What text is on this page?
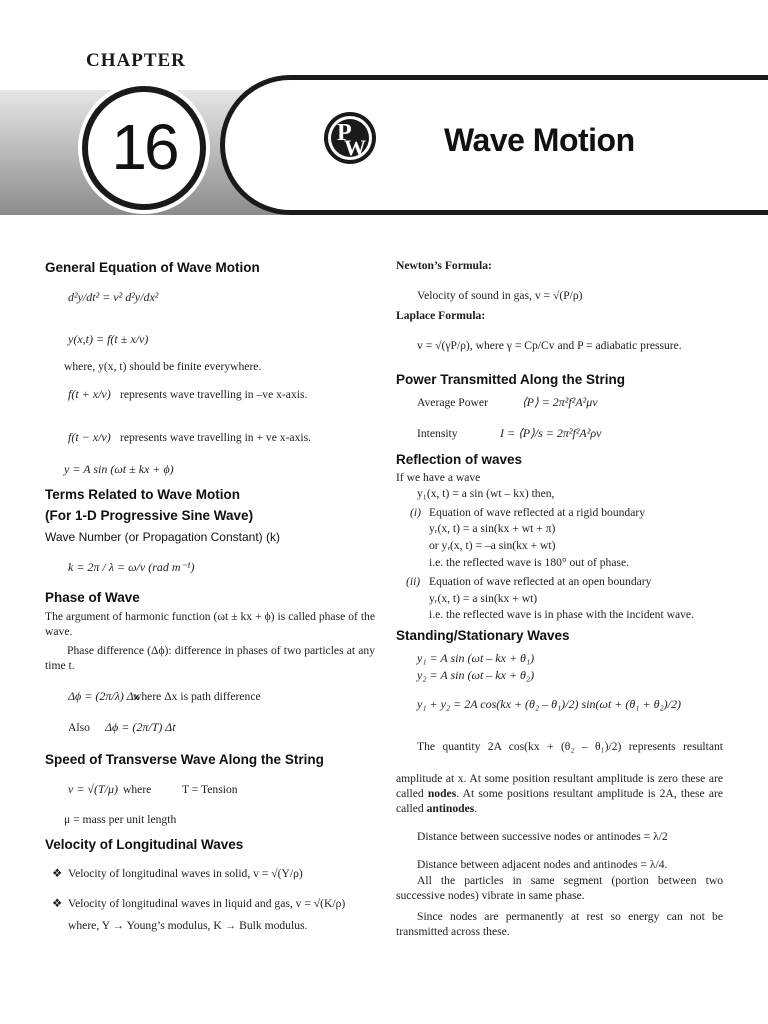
CHAPTER
16	P
W Wave Motion
General Equation of Wave Motion
d²y/dt² = v² d²y/dx²
y(x,t) = f(t ± x/v)
where, y(x, t) should be finite everywhere.
f(t + x/v) represents wave travelling in –ve x-axis.
f(t − x/v) represents wave travelling in + ve x-axis.
y = A sin (ωt ± kx + ϕ)
Terms Related to Wave Motion
(For 1-D Progressive Sine Wave)
Wave Number (or Propagation Constant) (k)
k = 2π / λ = ω/v (rad m⁻¹)
Phase of Wave
The argument of harmonic function (ωt ± kx + ϕ) is called phase of the wave.
Phase difference (Δϕ): difference in phases of two particles at any time t.
Δϕ = (2π/λ) Δx
where Δx is path difference
Also Δϕ = (2π/T) Δt
Speed of Transverse Wave Along the String
v = √(T/μ) where	T = Tension
μ = mass per unit length
Velocity of Longitudinal Waves
❖ Velocity of longitudinal waves in solid, v = √(Y/ρ)
❖ Velocity of longitudinal waves in liquid and gas, v = √(K/ρ)
where, Y → Young’s modulus, K → Bulk modulus.
Newton’s Formula:
Velocity of sound in gas, v = √(P/ρ)
Laplace Formula:
v = √(γP/ρ), where γ = Cp/Cv and P = adiabatic pressure.
Power Transmitted Along the String
Average Power	⟨P⟩ = 2π²f²A²μv
Intensity	I = ⟨P⟩/s = 2π²f²A²ρv
Reflection of waves
If we have a wave
y₁(x, t) = a sin (wt – kx) then,
(i) Equation of wave reflected at a rigid boundary
yᵣ(x, t) = a sin(kx + wt + π)
or yᵣ(x, t) = –a sin(kx + wt)
i.e. the reflected wave is 180° out of phase.
(ii) Equation of wave reflected at an open boundary
yᵣ(x, t) = a sin(kx + wt)
i.e. the reflected wave is in phase with the incident wave.
Standing/Stationary Waves
y₁ = A sin (ωt – kx + θ₁)
y₂ = A sin (ωt – kx + θ₂)
y₁ + y₂ = 2A cos(kx + (θ₂ – θ₁)/2) sin(ωt + (θ₁ + θ₂)/2)
The quantity 2A cos(kx + (θ₂ – θ₁)/2) represents resultant
amplitude at x. At some position resultant amplitude is zero these are called nodes. At some positions resultant amplitude is 2A, these are called antinodes.
Distance between successive nodes or antinodes = λ/2
Distance between adjacent nodes and antinodes = λ/4.
All the particles in same segment (portion between two successive nodes) vibrate in same phase.
Since nodes are permanently at rest so energy can not be transmitted across these.
